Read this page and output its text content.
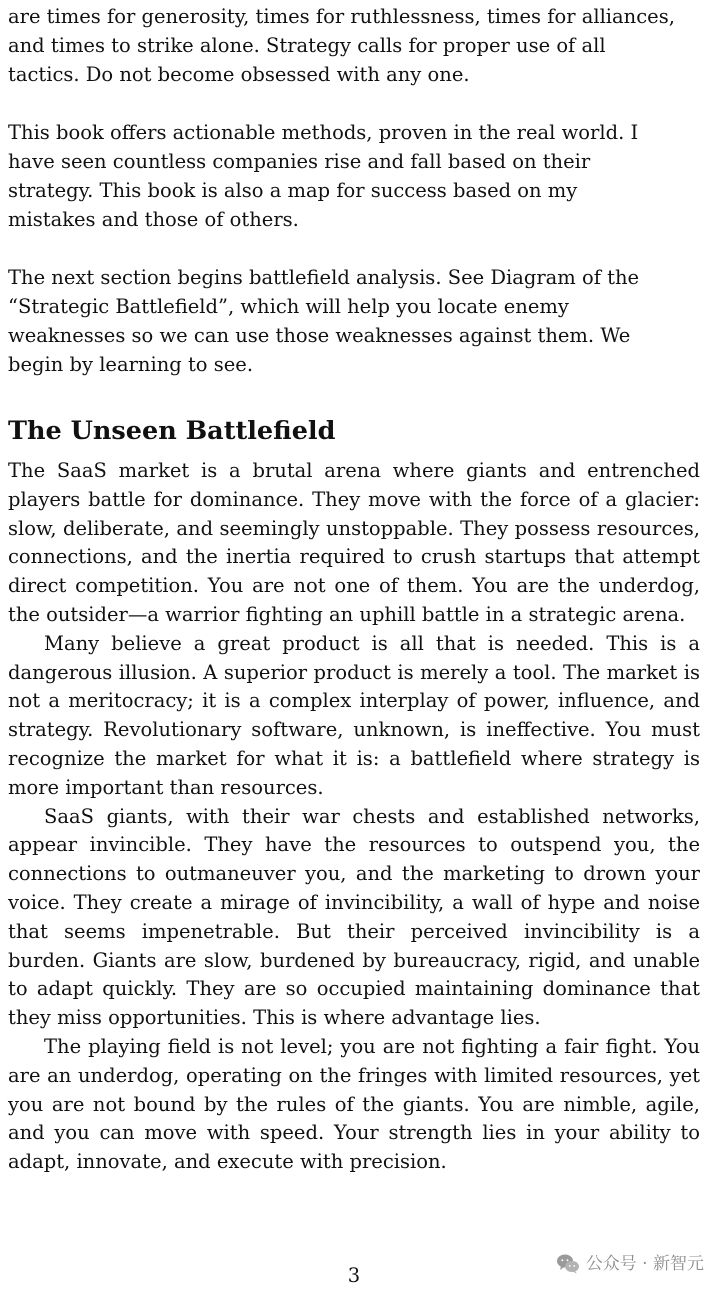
are times for generosity, times for ruthlessness, times for alliances,
and times to strike alone. Strategy calls for proper use of all
tactics. Do not become obsessed with any one.

This book offers actionable methods, proven in the real world. I
have seen countless companies rise and fall based on their
strategy. This book is also a map for success based on my
mistakes and those of others.

The next section begins battlefield analysis. See Diagram of the
“Strategic Battlefield”, which will help you locate enemy
weaknesses so we can use those weaknesses against them. We
begin by learning to see.

The Unseen Battlefield

The SaaS market is a brutal arena where giants and entrenched players battle for dominance. They move with the force of a glacier: slow, deliberate, and seemingly unstoppable. They possess resources, connections, and the inertia required to crush startups that attempt direct competition. You are not one of them. You are the underdog, the outsider—a warrior fighting an uphill battle in a strategic arena.

Many believe a great product is all that is needed. This is a dangerous illusion. A superior product is merely a tool. The market is not a meritocracy; it is a complex interplay of power, influence, and strategy. Revolutionary software, unknown, is ineffective. You must recognize the market for what it is: a battlefield where strategy is more important than resources.

SaaS giants, with their war chests and established networks, appear invincible. They have the resources to outspend you, the connections to outmaneuver you, and the marketing to drown your voice. They create a mirage of invincibility, a wall of hype and noise that seems impenetrable. But their perceived invincibility is a burden. Giants are slow, burdened by bureaucracy, rigid, and unable to adapt quickly. They are so occupied maintaining dominance that they miss opportunities. This is where advantage lies.

The playing field is not level; you are not fighting a fair fight. You are an underdog, operating on the fringes with limited resources, yet you are not bound by the rules of the giants. You are nimble, agile, and you can move with speed. Your strength lies in your ability to adapt, innovate, and execute with precision.

3	公众号 · 新智元
